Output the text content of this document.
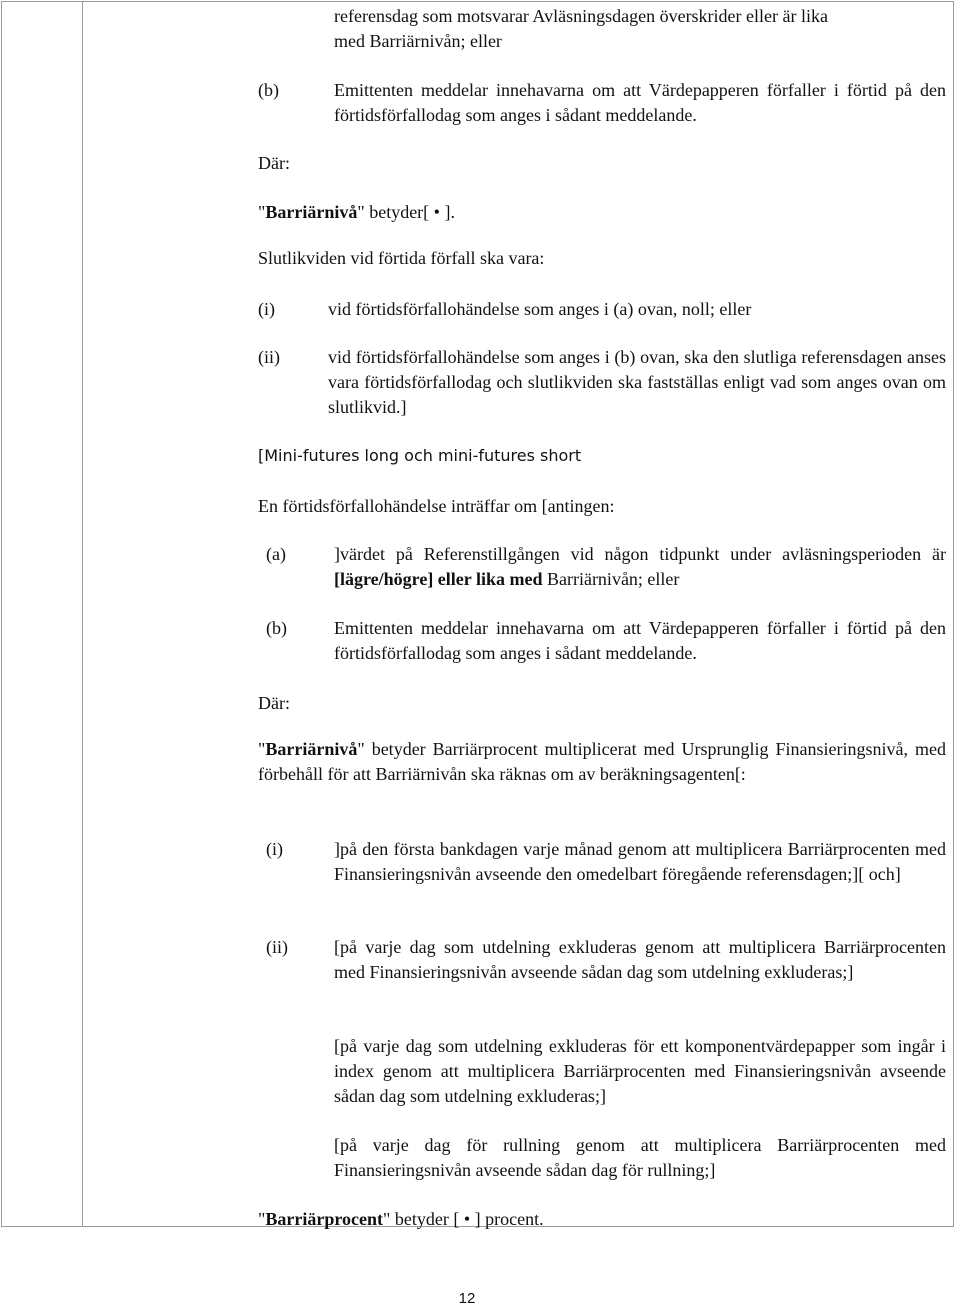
referensdag som motsvarar Avläsningsdagen överskrider eller är lika
med Barriärnivån; eller
(b)	Emittenten meddelar innehavarna om att Värdepapperen förfaller i förtid på den förtidsförfallodag som anges i sådant meddelande.
Där:
"Barriärnivå" betyder[ • ].
Slutlikviden vid förtida förfall ska vara:
(i)	vid förtidsförfallohändelse som anges i (a) ovan, noll; eller
(ii)	vid förtidsförfallohändelse som anges i (b) ovan, ska den slutliga referensdagen anses vara förtidsförfallodag och slutlikviden ska fastställas enligt vad som anges ovan om slutlikvid.]
[Mini-futures long och mini-futures short
En förtidsförfallohändelse inträffar om [antingen:
(a)	]värdet på Referenstillgången vid någon tidpunkt under avläsningsperioden är [lägre/högre] eller lika med Barriärnivån; eller
(b)	Emittenten meddelar innehavarna om att Värdepapperen förfaller i förtid på den förtidsförfallodag som anges i sådant meddelande.
Där:
"Barriärnivå" betyder Barriärprocent multiplicerat med Ursprunglig Finansieringsnivå, med förbehåll för att Barriärnivån ska räknas om av beräkningsagenten[:
(i)	]på den första bankdagen varje månad genom att multiplicera Barriärprocenten med Finansieringsnivån avseende den omedelbart föregående referensdagen;][ och]
(ii)	[på varje dag som utdelning exkluderas genom att multiplicera Barriärprocenten med Finansieringsnivån avseende sådan dag som utdelning exkluderas;]
[på varje dag som utdelning exkluderas för ett komponentvärdepapper som ingår i index genom att multiplicera Barriärprocenten med Finansieringsnivån avseende sådan dag som utdelning exkluderas;]
[på varje dag för rullning genom att multiplicera Barriärprocenten med Finansieringsnivån avseende sådan dag för rullning;]
"Barriärprocent" betyder [ • ] procent.
12
